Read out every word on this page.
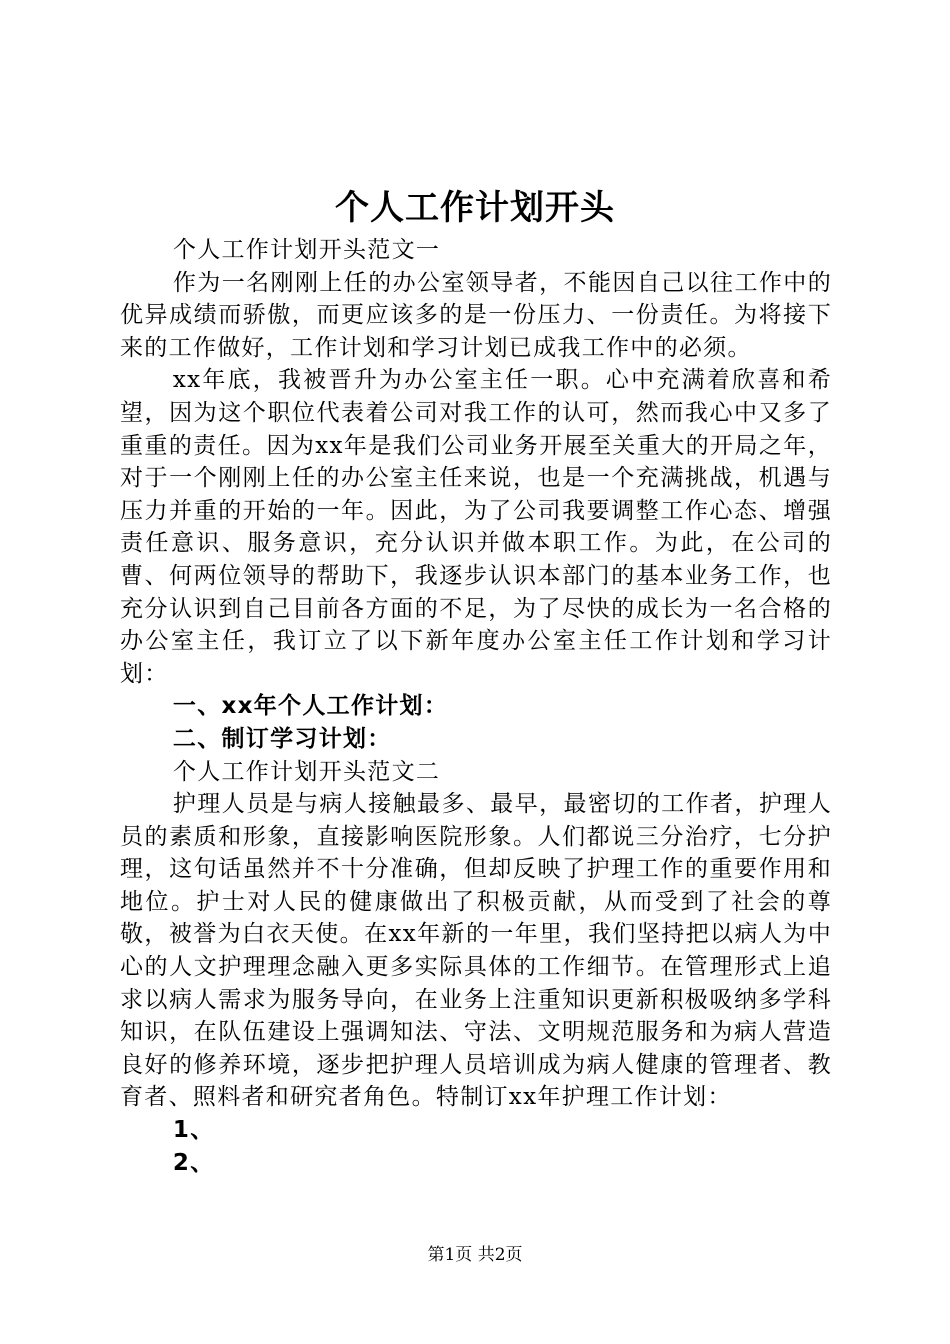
个人工作计划开头

个人工作计划开头范文一

作为一名刚刚上任的办公室领导者，不能因自己以往工作中的优异成绩而骄傲，而更应该多的是一份压力、一份责任。为将接下来的工作做好，工作计划和学习计划已成我工作中的必须。

xx年底，我被晋升为办公室主任一职。心中充满着欣喜和希望，因为这个职位代表着公司对我工作的认可，然而我心中又多了重重的责任。因为xx年是我们公司业务开展至关重大的开局之年，对于一个刚刚上任的办公室主任来说，也是一个充满挑战，机遇与压力并重的开始的一年。因此，为了公司我要调整工作心态、增强责任意识、服务意识，充分认识并做本职工作。为此，在公司的曹、何两位领导的帮助下，我逐步认识本部门的基本业务工作，也充分认识到自己目前各方面的不足，为了尽快的成长为一名合格的办公室主任，我订立了以下新年度办公室主任工作计划和学习计划：

一、xx年个人工作计划：

二、制订学习计划：

个人工作计划开头范文二

护理人员是与病人接触最多、最早，最密切的工作者，护理人员的素质和形象，直接影响医院形象。人们都说三分治疗，七分护理，这句话虽然并不十分准确，但却反映了护理工作的重要作用和地位。护士对人民的健康做出了积极贡献，从而受到了社会的尊敬，被誉为白衣天使。在xx年新的一年里，我们坚持把以病人为中心的人文护理理念融入更多实际具体的工作细节。在管理形式上追求以病人需求为服务导向，在业务上注重知识更新积极吸纳多学科知识，在队伍建设上强调知法、守法、文明规范服务和为病人营造良好的修养环境，逐步把护理人员培训成为病人健康的管理者、教育者、照料者和研究者角色。特制订xx年护理工作计划：

1、

2、

第1页 共2页
